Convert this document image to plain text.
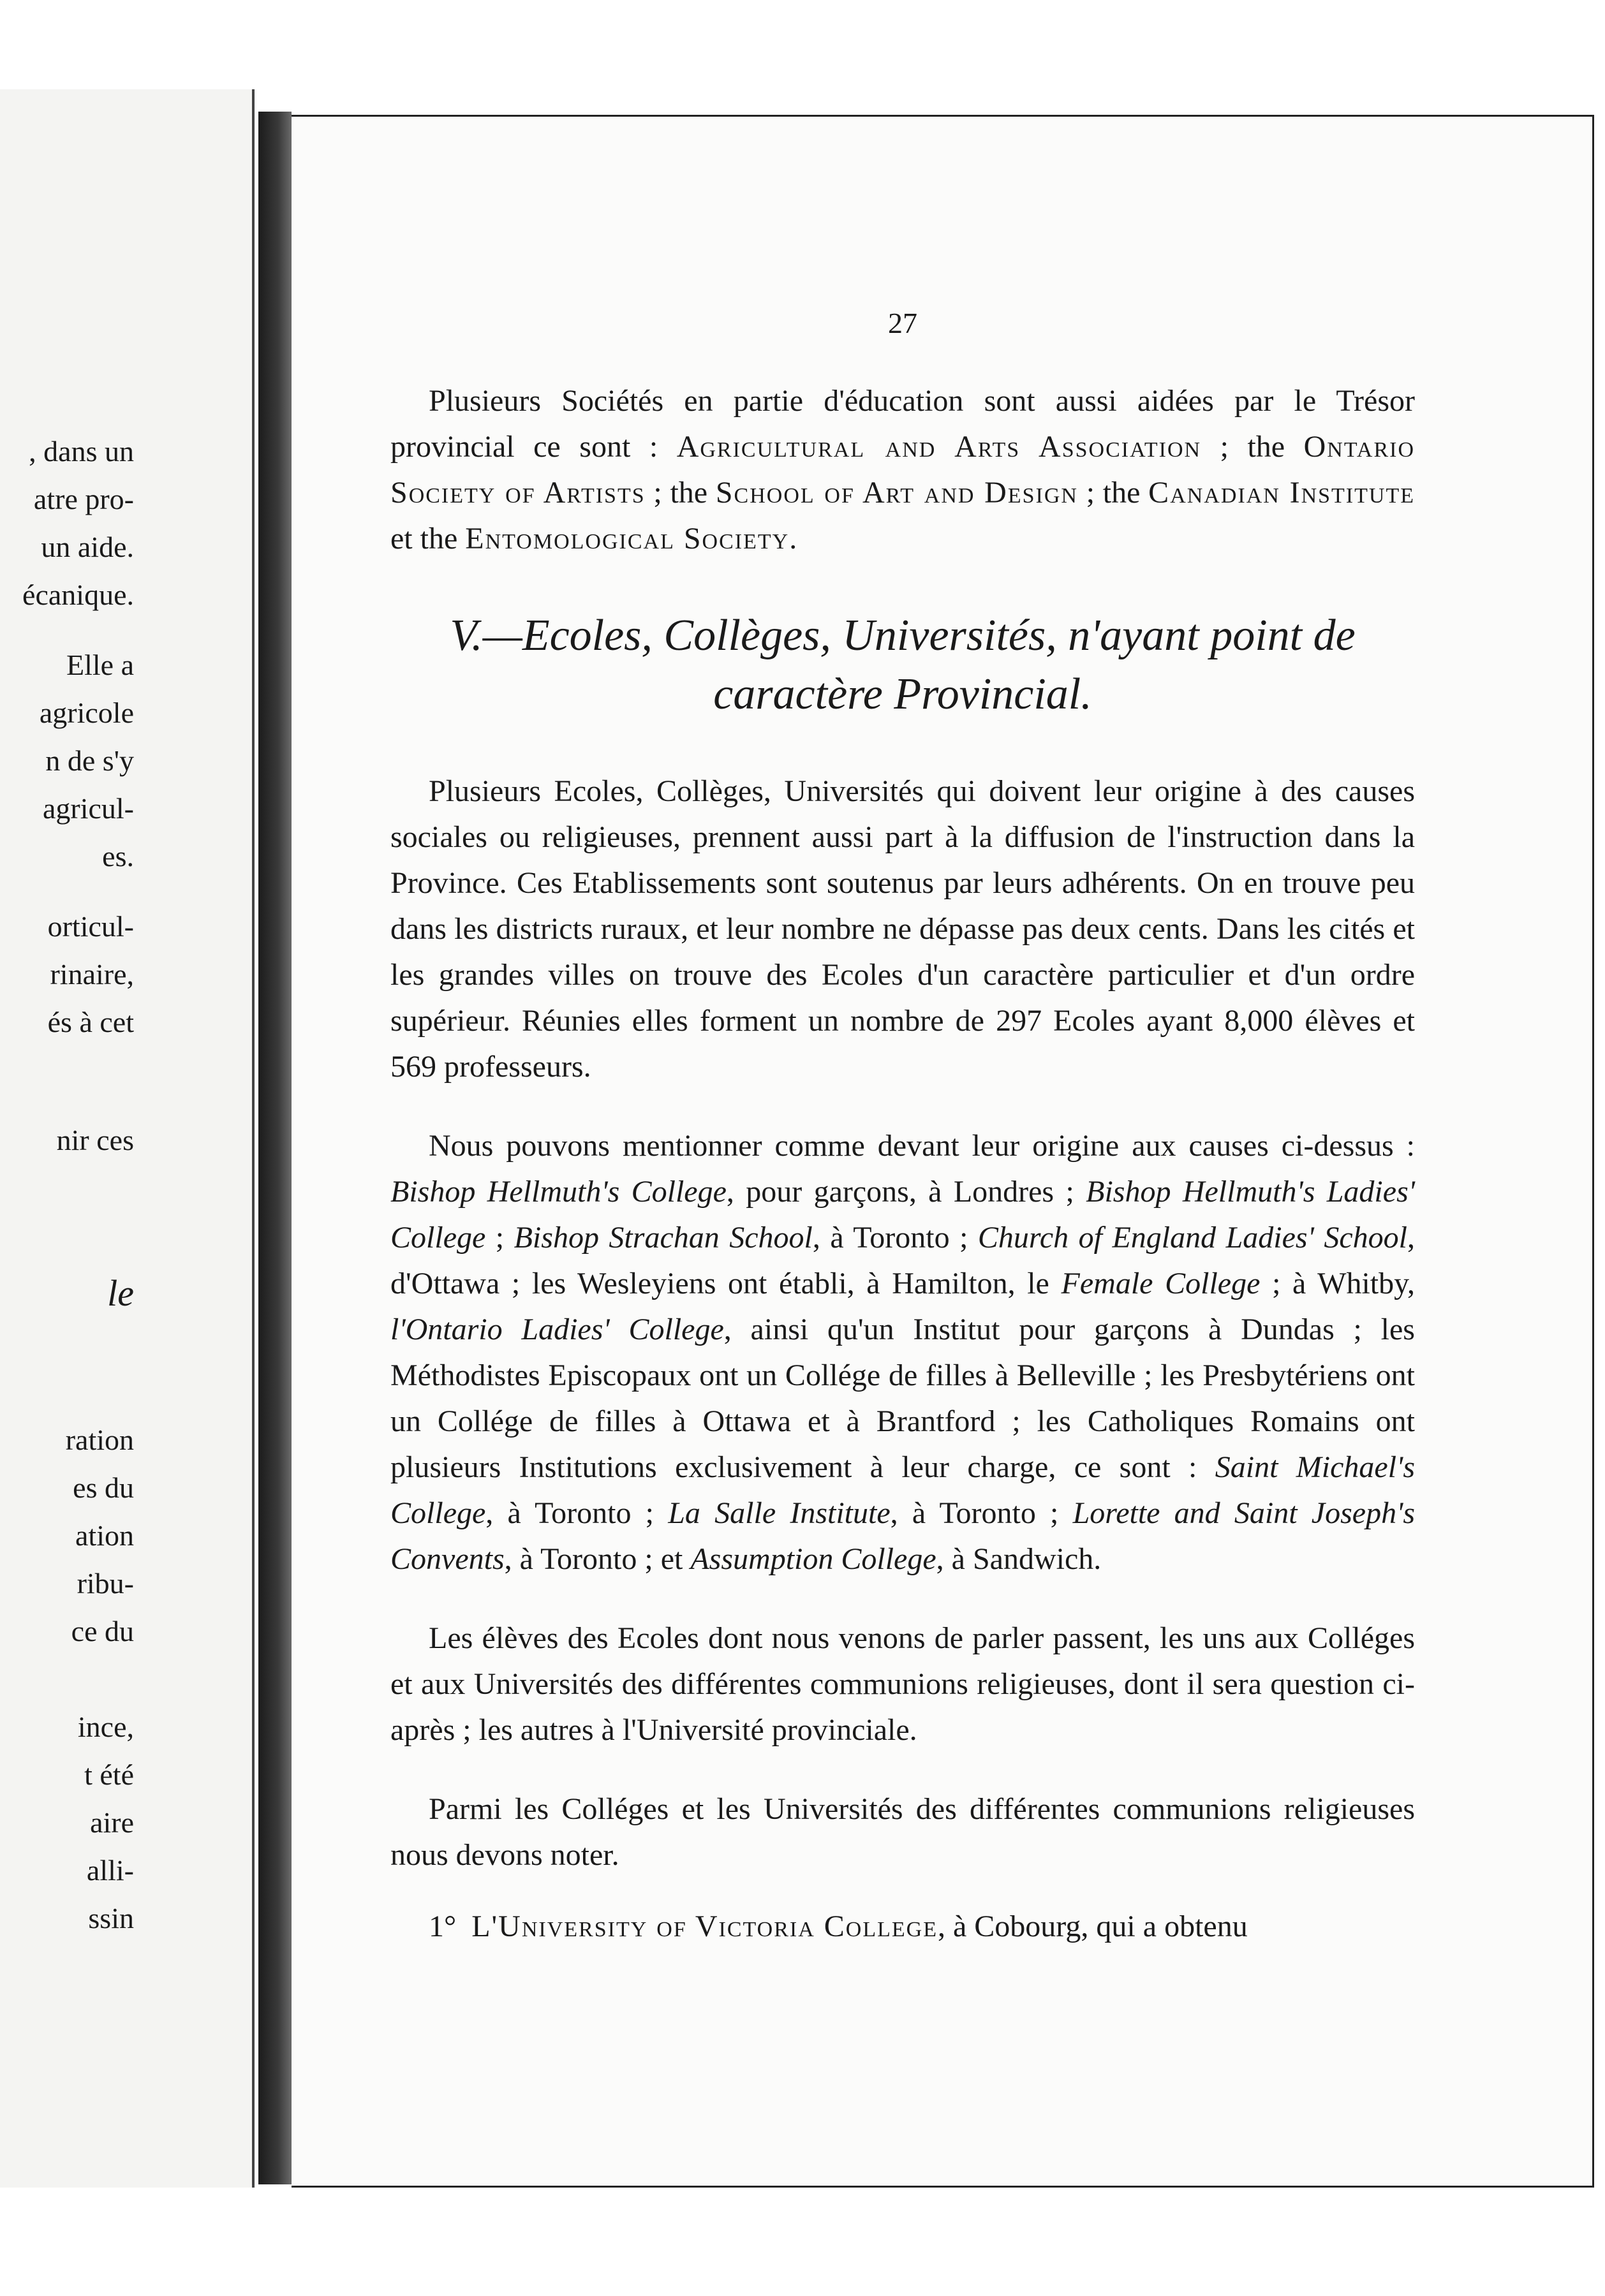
, dans un
atre pro-
un aide.
écanique.
Elle a
agricole
n de s'y
agricul-
es.
orticul-
rinaire,
és à cet
nir ces
le
ration
es du
ation
ribu-
ce du
ince,
t été
aire
alli-
ssin
27

Plusieurs Sociétés en partie d'éducation sont aussi aidées par le Trésor provincial ce sont : Agricultural and Arts Association ; the Ontario Society of Artists ; the School of Art and Design ; the Canadian Institute et the Entomological Society.

V.—Ecoles, Collèges, Universités, n'ayant point de
caractère Provincial.

Plusieurs Ecoles, Collèges, Universités qui doivent leur origine à des causes sociales ou religieuses, prennent aussi part à la diffusion de l'instruction dans la Province. Ces Etablissements sont soutenus par leurs adhérents. On en trouve peu dans les districts ruraux, et leur nombre ne dépasse pas deux cents. Dans les cités et les grandes villes on trouve des Ecoles d'un caractère particulier et d'un ordre supérieur. Réunies elles forment un nombre de 297 Ecoles ayant 8,000 élèves et 569 professeurs.

Nous pouvons mentionner comme devant leur origine aux causes ci-dessus : Bishop Hellmuth's College, pour garçons, à Londres ; Bishop Hellmuth's Ladies' College ; Bishop Strachan School, à Toronto ; Church of England Ladies' School, d'Ottawa ; les Wesleyiens ont établi, à Hamilton, le Female College ; à Whitby, l'Ontario Ladies' College, ainsi qu'un Institut pour garçons à Dundas ; les Méthodistes Episcopaux ont un Collége de filles à Belleville ; les Presbytériens ont un Collége de filles à Ottawa et à Brantford ; les Catholiques Romains ont plusieurs Institutions exclusivement à leur charge, ce sont : Saint Michael's College, à Toronto ; La Salle Institute, à Toronto ; Lorette and Saint Joseph's Convents, à Toronto ; et Assumption College, à Sandwich.

Les élèves des Ecoles dont nous venons de parler passent, les uns aux Colléges et aux Universités des différentes communions religieuses, dont il sera question ci-après ; les autres à l'Université provinciale.

Parmi les Colléges et les Universités des différentes communions religieuses nous devons noter.

1° L'University of Victoria College, à Cobourg, qui a obtenu
